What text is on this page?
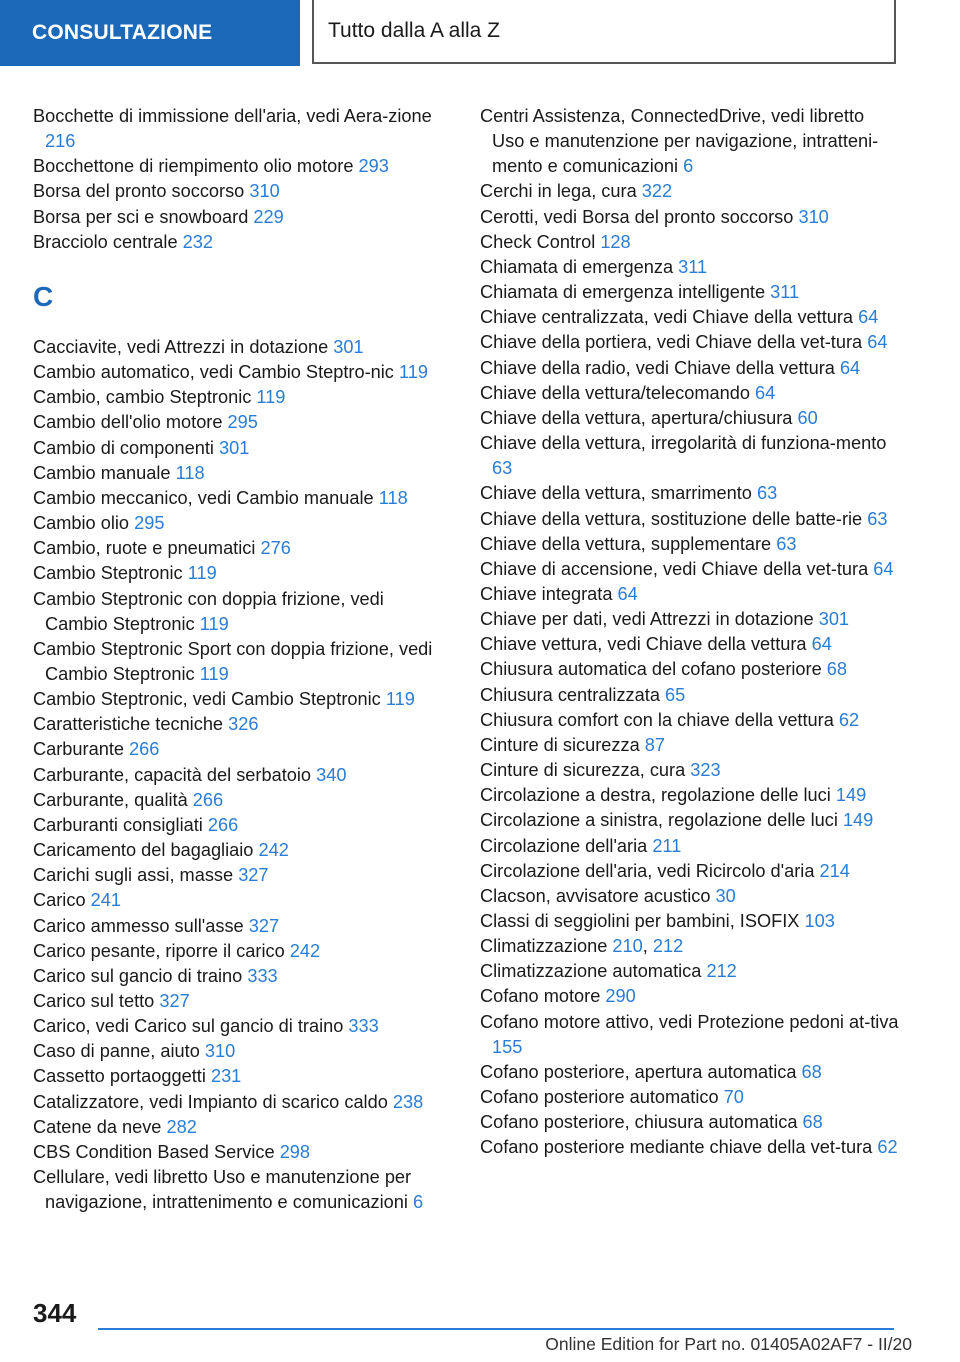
CONSULTAZIONE	Tutto dalla A alla Z

Bocchette di immissione dell'aria, vedi Aera-zione 216

Bocchettone di riempimento olio motore 293

Borsa del pronto soccorso 310

Borsa per sci e snowboard 229

Bracciolo centrale 232

C

Cacciavite, vedi Attrezzi in dotazione 301

Cambio automatico, vedi Cambio Steptro-nic 119

Cambio, cambio Steptronic 119

Cambio dell'olio motore 295

Cambio di componenti 301

Cambio manuale 118

Cambio meccanico, vedi Cambio manuale 118

Cambio olio 295

Cambio, ruote e pneumatici 276

Cambio Steptronic 119

Cambio Steptronic con doppia frizione, vedi Cambio Steptronic 119

Cambio Steptronic Sport con doppia frizione, vedi Cambio Steptronic 119

Cambio Steptronic, vedi Cambio Steptronic 119

Caratteristiche tecniche 326

Carburante 266

Carburante, capacità del serbatoio 340

Carburante, qualità 266

Carburanti consigliati 266

Caricamento del bagagliaio 242

Carichi sugli assi, masse 327

Carico 241

Carico ammesso sull'asse 327

Carico pesante, riporre il carico 242

Carico sul gancio di traino 333

Carico sul tetto 327

Carico, vedi Carico sul gancio di traino 333

Caso di panne, aiuto 310

Cassetto portaoggetti 231

Catalizzatore, vedi Impianto di scarico caldo 238

Catene da neve 282

CBS Condition Based Service 298

Cellulare, vedi libretto Uso e manutenzione per navigazione, intrattenimento e comunicazioni 6

Centri Assistenza, ConnectedDrive, vedi libretto Uso e manutenzione per navigazione, intratteni-mento e comunicazioni 6

Cerchi in lega, cura 322

Cerotti, vedi Borsa del pronto soccorso 310

Check Control 128

Chiamata di emergenza 311

Chiamata di emergenza intelligente 311

Chiave centralizzata, vedi Chiave della vettura 64

Chiave della portiera, vedi Chiave della vet-tura 64

Chiave della radio, vedi Chiave della vettura 64

Chiave della vettura/telecomando 64

Chiave della vettura, apertura/chiusura 60

Chiave della vettura, irregolarità di funziona-mento 63

Chiave della vettura, smarrimento 63

Chiave della vettura, sostituzione delle batte-rie 63

Chiave della vettura, supplementare 63

Chiave di accensione, vedi Chiave della vet-tura 64

Chiave integrata 64

Chiave per dati, vedi Attrezzi in dotazione 301

Chiave vettura, vedi Chiave della vettura 64

Chiusura automatica del cofano posteriore 68

Chiusura centralizzata 65

Chiusura comfort con la chiave della vettura 62

Cinture di sicurezza 87

Cinture di sicurezza, cura 323

Circolazione a destra, regolazione delle luci 149

Circolazione a sinistra, regolazione delle luci 149

Circolazione dell'aria 211

Circolazione dell'aria, vedi Ricircolo d'aria 214

Clacson, avvisatore acustico 30

Classi di seggiolini per bambini, ISOFIX 103

Climatizzazione 210, 212

Climatizzazione automatica 212

Cofano motore 290

Cofano motore attivo, vedi Protezione pedoni at-tiva 155

Cofano posteriore, apertura automatica 68

Cofano posteriore automatico 70

Cofano posteriore, chiusura automatica 68

Cofano posteriore mediante chiave della vet-tura 62

344
Online Edition for Part no. 01405A02AF7 - II/20
